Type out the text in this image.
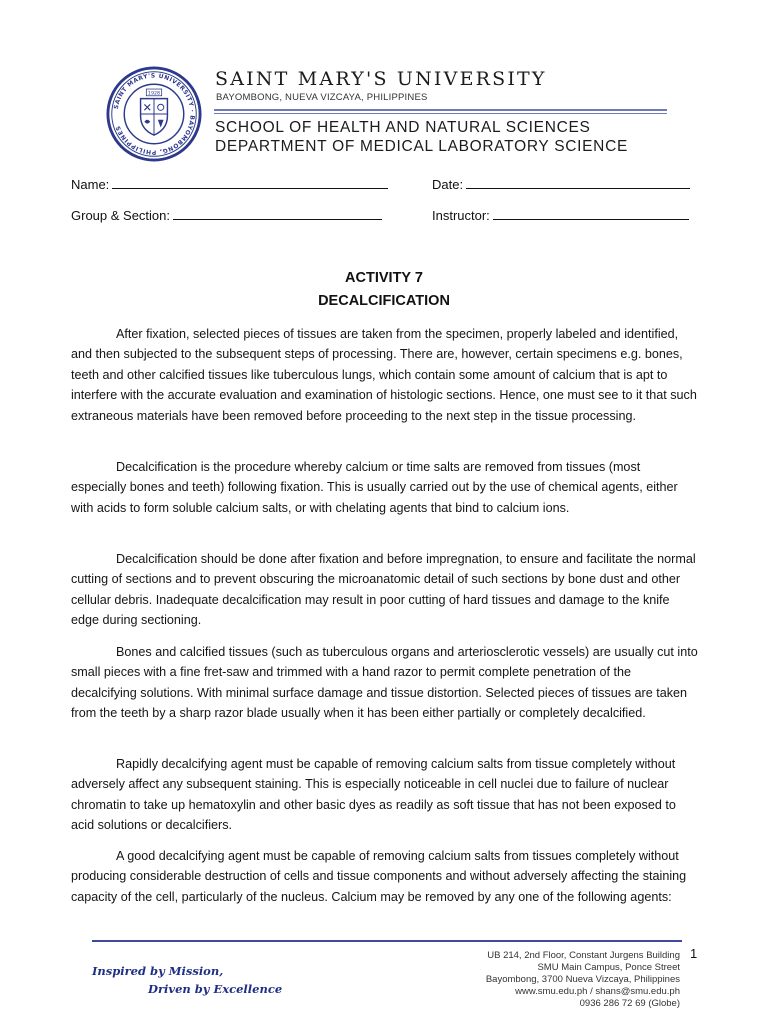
SAINT MARY'S UNIVERSITY · BAYOMBONG, PHILIPPINES
1928
SAINT MARY'S UNIVERSITY
BAYOMBONG, NUEVA VIZCAYA, PHILIPPINES
SCHOOL OF HEALTH AND NATURAL SCIENCES
DEPARTMENT OF MEDICAL LABORATORY SCIENCE
Name:	Date:
Group & Section:	Instructor:
ACTIVITY 7
DECALCIFICATION

After fixation, selected pieces of tissues are taken from the specimen, properly labeled and identified, and then subjected to the subsequent steps of processing. There are, however, certain specimens e.g. bones, teeth and other calcified tissues like tuberculous lungs, which contain some amount of calcium that is apt to interfere with the accurate evaluation and examination of histologic sections. Hence, one must see to it that such extraneous materials have been removed before proceeding to the next step in the tissue processing.

Decalcification is the procedure whereby calcium or time salts are removed from tissues (most especially bones and teeth) following fixation. This is usually carried out by the use of chemical agents, either with acids to form soluble calcium salts, or with chelating agents that bind to calcium ions.

Decalcification should be done after fixation and before impregnation, to ensure and facilitate the normal cutting of sections and to prevent obscuring the microanatomic detail of such sections by bone dust and other cellular debris. Inadequate decalcification may result in poor cutting of hard tissues and damage to the knife edge during sectioning.

Bones and calcified tissues (such as tuberculous organs and arteriosclerotic vessels) are usually cut into small pieces with a fine fret-saw and trimmed with a hand razor to permit complete penetration of the decalcifying solutions. With minimal surface damage and tissue distortion. Selected pieces of tissues are taken from the teeth by a sharp razor blade usually when it has been either partially or completely decalcified.

Rapidly decalcifying agent must be capable of removing calcium salts from tissue completely without adversely affect any subsequent staining. This is especially noticeable in cell nuclei due to failure of nuclear chromatin to take up hematoxylin and other basic dyes as readily as soft tissue that has not been exposed to acid solutions or decalcifiers.

A good decalcifying agent must be capable of removing calcium salts from tissues completely without producing considerable destruction of cells and tissue components and without adversely affecting the staining capacity of the cell, particularly of the nucleus. Calcium may be removed by any one of the following agents:

1
Inspired by Mission,
Driven by Excellence
UB 214, 2nd Floor, Constant Jurgens Building
SMU Main Campus, Ponce Street
Bayombong, 3700 Nueva Vizcaya, Philippines
www.smu.edu.ph / shans@smu.edu.ph
0936 286 72 69 (Globe)
